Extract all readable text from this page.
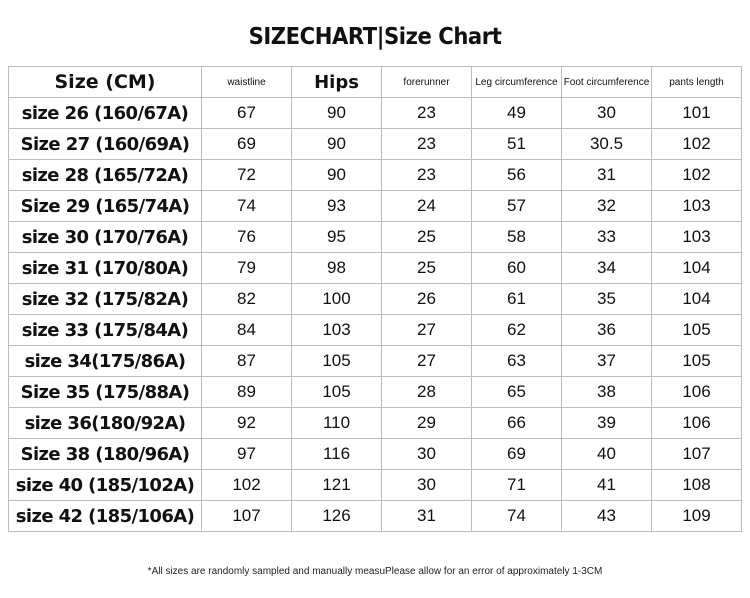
SIZECHART|Size Chart
Size (CM)	waistline	Hips	forerunner	Leg circumference	Foot circumference	pants length
size 26 (160/67A)	67	90	23	49	30	101
Size 27 (160/69A)	69	90	23	51	30.5	102
size 28 (165/72A)	72	90	23	56	31	102
Size 29 (165/74A)	74	93	24	57	32	103
size 30 (170/76A)	76	95	25	58	33	103
size 31 (170/80A)	79	98	25	60	34	104
size 32 (175/82A)	82	100	26	61	35	104
size 33 (175/84A)	84	103	27	62	36	105
size 34(175/86A)	87	105	27	63	37	105
Size 35 (175/88A)	89	105	28	65	38	106
size 36(180/92A)	92	110	29	66	39	106
Size 38 (180/96A)	97	116	30	69	40	107
size 40 (185/102A)	102	121	30	71	41	108
size 42 (185/106A)	107	126	31	74	43	109
*All sizes are randomly sampled and manually measuPlease allow for an error of approximately 1-3CM
